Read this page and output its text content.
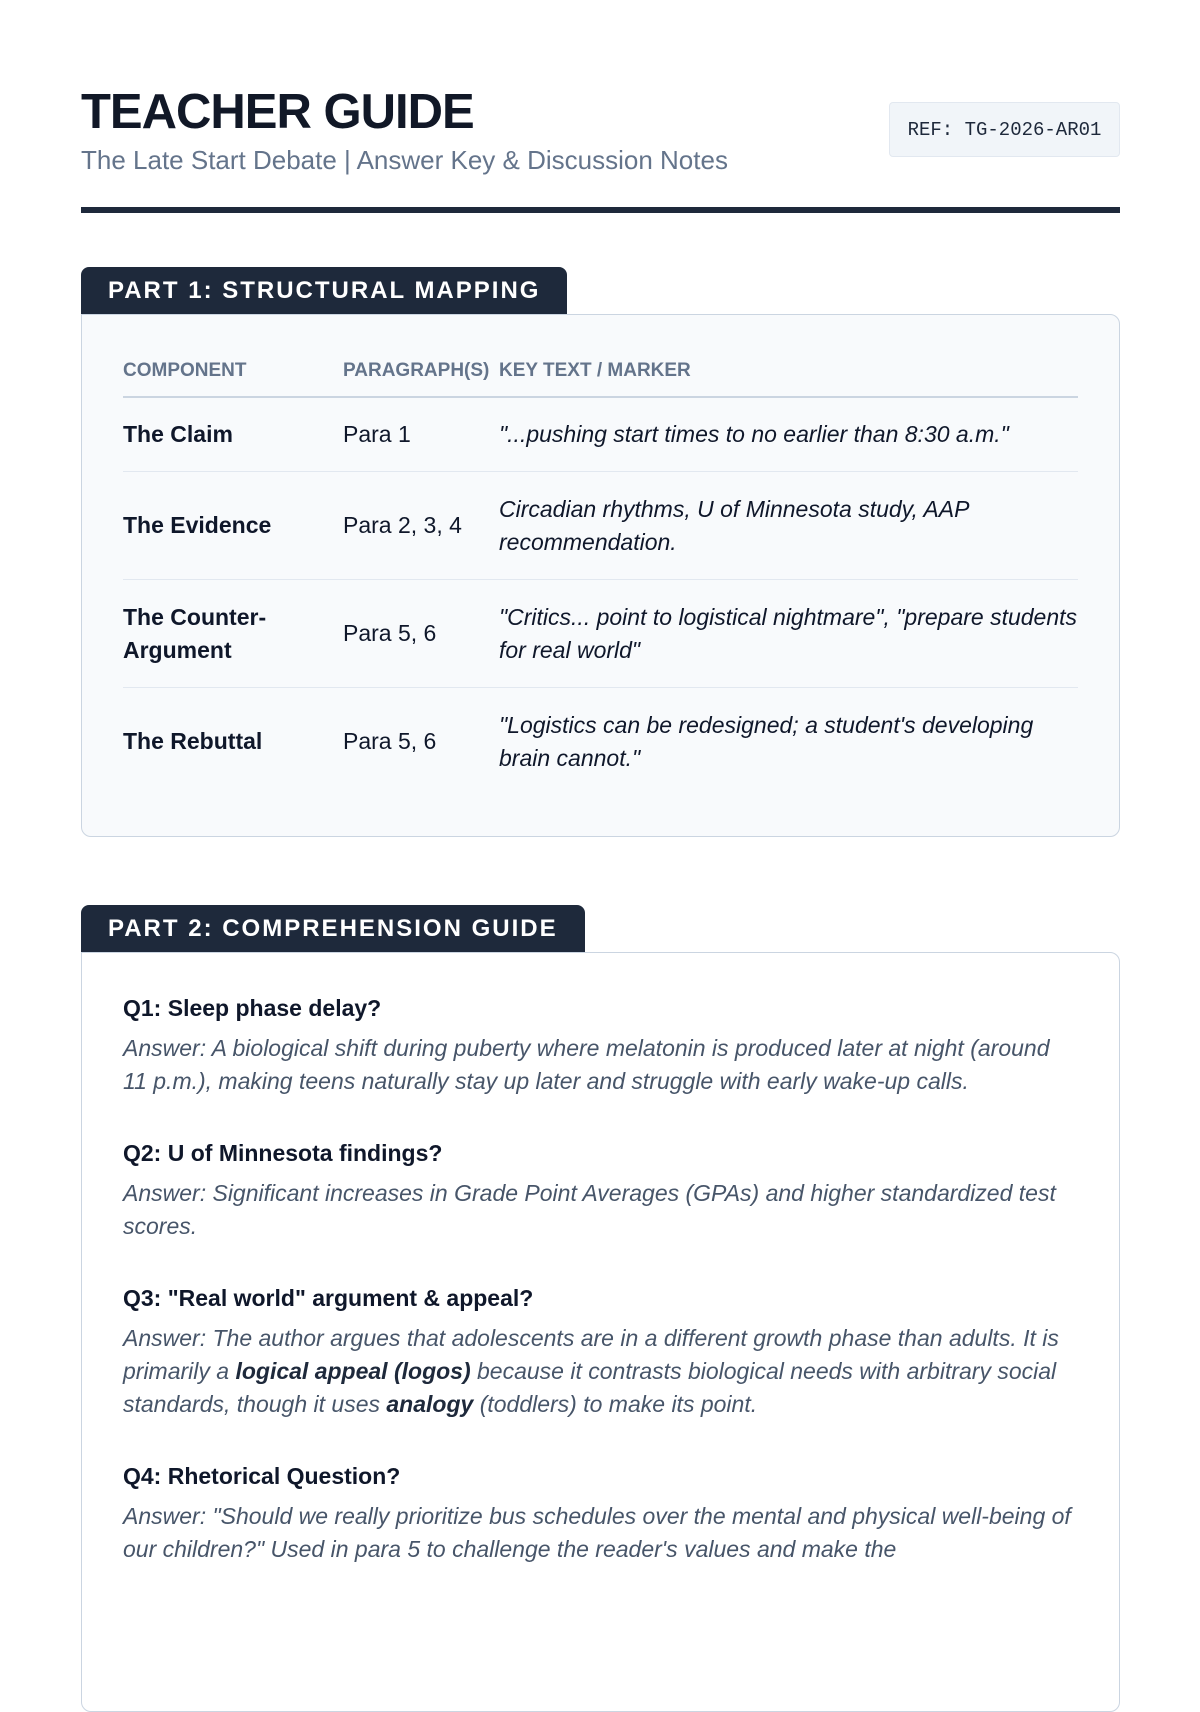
TEACHER GUIDE
The Late Start Debate | Answer Key & Discussion Notes
REF: TG-2026-AR01
PART 1: STRUCTURAL MAPPING
COMPONENT	PARAGRAPH(S)	KEY TEXT / MARKER
The Claim	Para 1	"...pushing start times to no earlier than 8:30 a.m."
The Evidence	Para 2, 3, 4	Circadian rhythms, U of Minnesota study, AAP recommendation.
The Counter-Argument	Para 5, 6	"Critics... point to logistical nightmare", "prepare students for real world"
The Rebuttal	Para 5, 6	"Logistics can be redesigned; a student's developing brain cannot."
PART 2: COMPREHENSION GUIDE
Q1: Sleep phase delay?
Answer: A biological shift during puberty where melatonin is produced later at night (around 11 p.m.), making teens naturally stay up later and struggle with early wake-up calls.
Q2: U of Minnesota findings?
Answer: Significant increases in Grade Point Averages (GPAs) and higher standardized test scores.
Q3: "Real world" argument & appeal?
Answer: The author argues that adolescents are in a different growth phase than adults. It is primarily a logical appeal (logos) because it contrasts biological needs with arbitrary social standards, though it uses analogy (toddlers) to make its point.
Q4: Rhetorical Question?
Answer: "Should we really prioritize bus schedules over the mental and physical well-being of our children?" Used in para 5 to challenge the reader's values and make the
